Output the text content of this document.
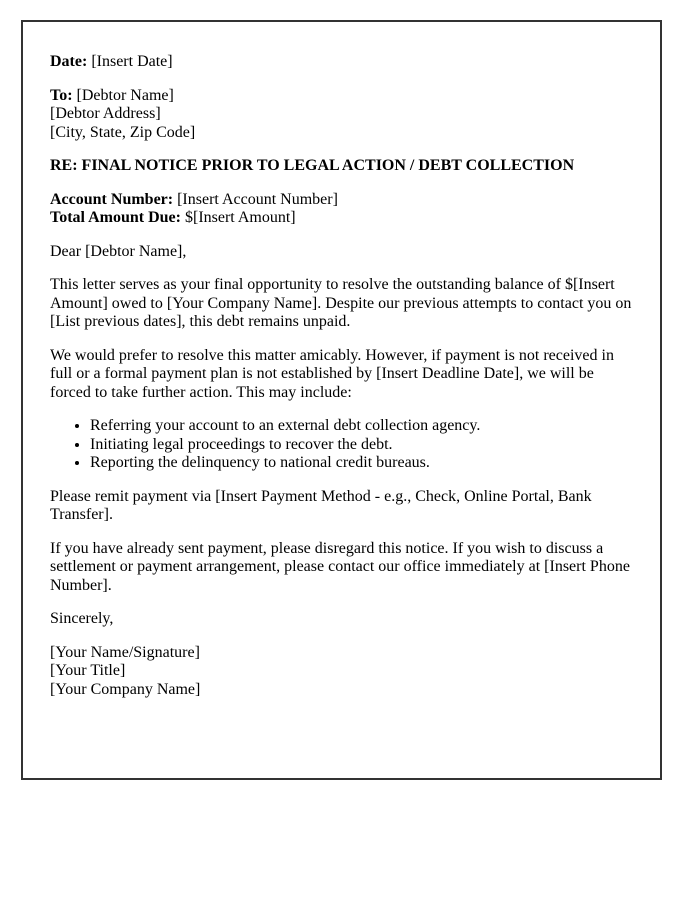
Date: [Insert Date]

To: [Debtor Name]
[Debtor Address]
[City, State, Zip Code]

RE: FINAL NOTICE PRIOR TO LEGAL ACTION / DEBT COLLECTION

Account Number: [Insert Account Number]
Total Amount Due: $[Insert Amount]

Dear [Debtor Name],

This letter serves as your final opportunity to resolve the outstanding balance of $[Insert Amount] owed to [Your Company Name]. Despite our previous attempts to contact you on [List previous dates], this debt remains unpaid.

We would prefer to resolve this matter amicably. However, if payment is not received in full or a formal payment plan is not established by [Insert Deadline Date], we will be forced to take further action. This may include:

• Referring your account to an external debt collection agency.
• Initiating legal proceedings to recover the debt.
• Reporting the delinquency to national credit bureaus.

Please remit payment via [Insert Payment Method - e.g., Check, Online Portal, Bank Transfer].

If you have already sent payment, please disregard this notice. If you wish to discuss a settlement or payment arrangement, please contact our office immediately at [Insert Phone Number].

Sincerely,

[Your Name/Signature]
[Your Title]
[Your Company Name]
